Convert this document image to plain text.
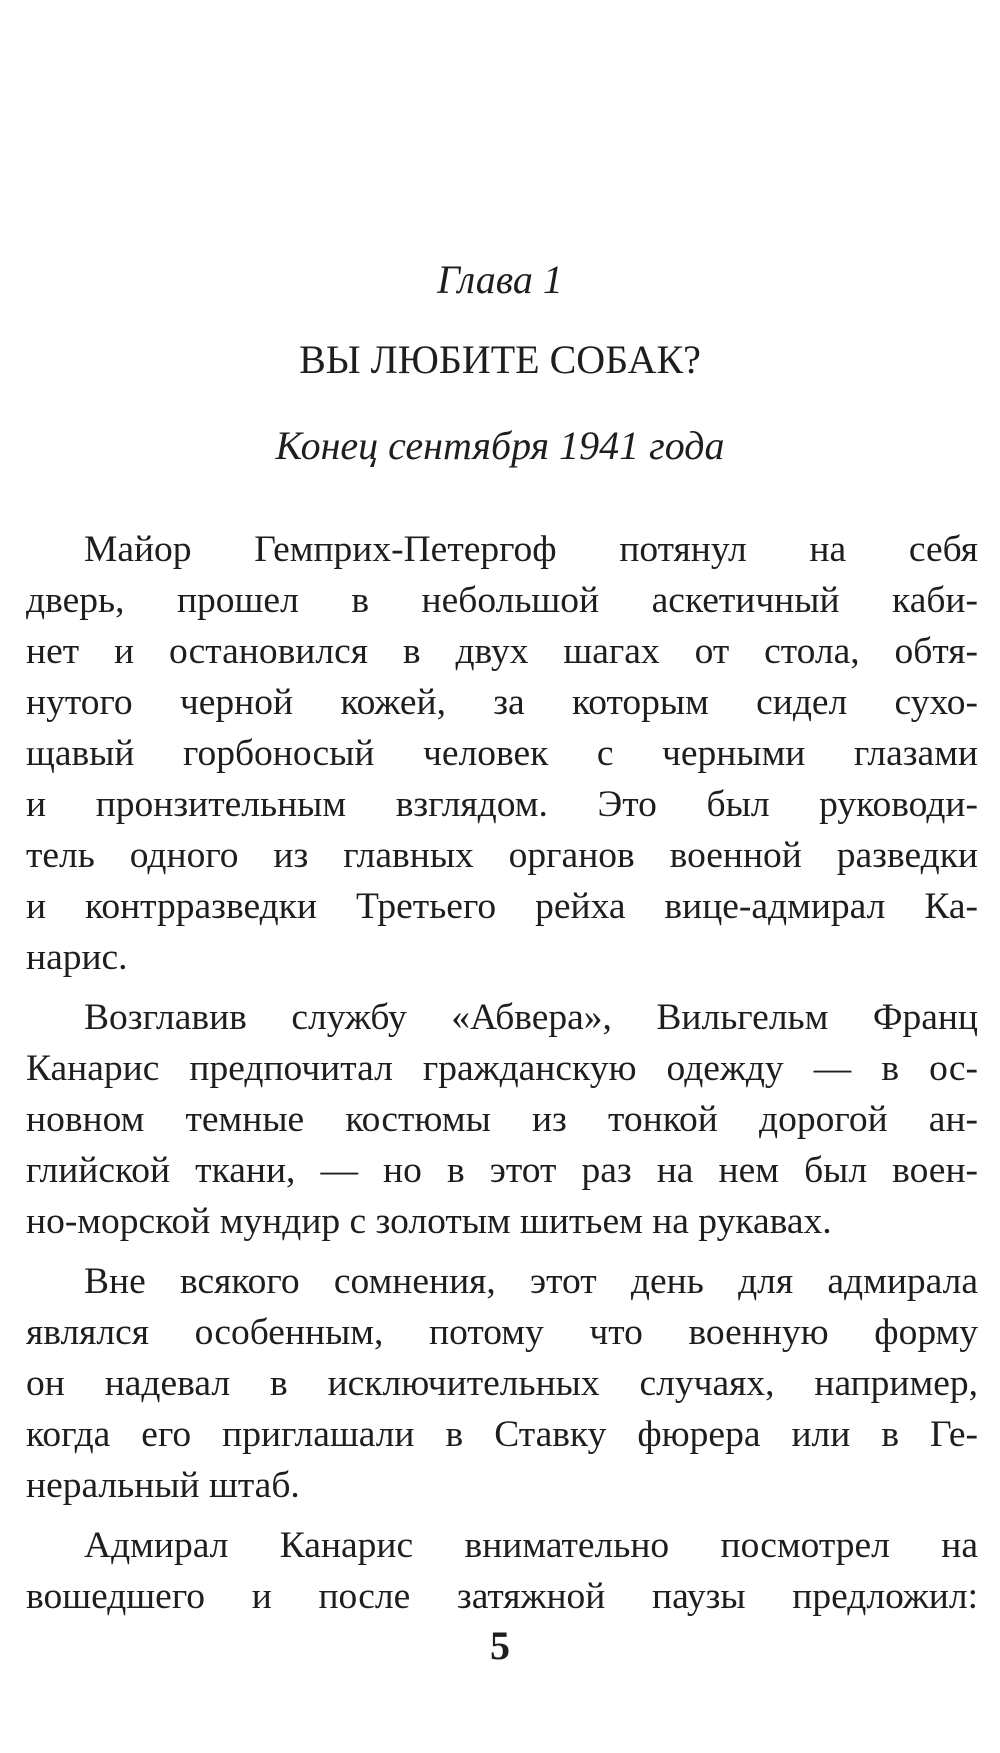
Глава 1
ВЫ ЛЮБИТЕ СОБАК?
Конец сентября 1941 года
Майор Гемприх-Петергоф потянул на себя
дверь, прошел в небольшой аскетичный каби-
нет и остановился в двух шагах от стола, обтя-
нутого черной кожей, за которым сидел сухо-
щавый горбоносый человек с черными глазами
и пронзительным взглядом. Это был руководи-
тель одного из главных органов военной разведки
и контрразведки Третьего рейха вице-адмирал Ка-
нарис.
Возглавив службу «Абвера», Вильгельм Франц
Канарис предпочитал гражданскую одежду — в ос-
новном темные костюмы из тонкой дорогой ан-
глийской ткани, — но в этот раз на нем был воен-
но-морской мундир с золотым шитьем на рукавах.
Вне всякого сомнения, этот день для адмирала
являлся особенным, потому что военную форму
он надевал в исключительных случаях, например,
когда его приглашали в Ставку фюрера или в Ге-
неральный штаб.
Адмирал Канарис внимательно посмотрел на
вошедшего и после затяжной паузы предложил:
5
